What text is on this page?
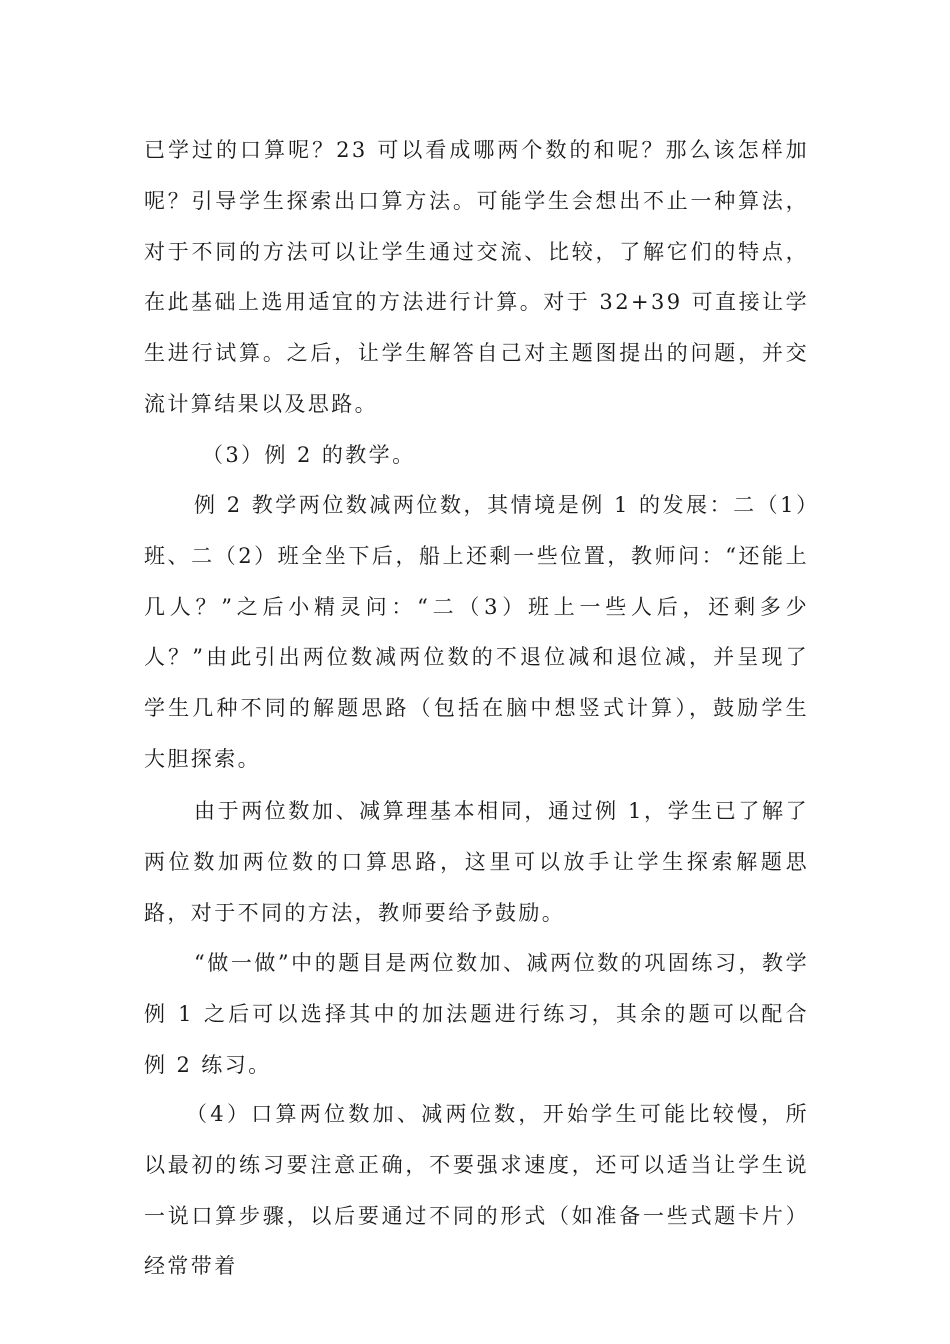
已学过的口算呢？23 可以看成哪两个数的和呢？那么该怎样加呢？引导学生探索出口算方法。可能学生会想出不止一种算法，对于不同的方法可以让学生通过交流、比较，了解它们的特点，在此基础上选用适宜的方法进行计算。对于 32+39 可直接让学生进行试算。之后，让学生解答自己对主题图提出的问题，并交流计算结果以及思路。

（3）例 2 的教学。

例 2 教学两位数减两位数，其情境是例 1 的发展：二（1）班、二（2）班全坐下后，船上还剩一些位置，教师问：“还能上几人？”之后小精灵问：“二（3）班上一些人后，还剩多少人？”由此引出两位数减两位数的不退位减和退位减，并呈现了学生几种不同的解题思路（包括在脑中想竖式计算），鼓励学生大胆探索。

由于两位数加、减算理基本相同，通过例 1，学生已了解了两位数加两位数的口算思路，这里可以放手让学生探索解题思路，对于不同的方法，教师要给予鼓励。

“做一做”中的题目是两位数加、减两位数的巩固练习，教学例 1 之后可以选择其中的加法题进行练习，其余的题可以配合例 2 练习。

（4）口算两位数加、减两位数，开始学生可能比较慢，所以最初的练习要注意正确，不要强求速度，还可以适当让学生说一说口算步骤，以后要通过不同的形式（如准备一些式题卡片）经常带着
